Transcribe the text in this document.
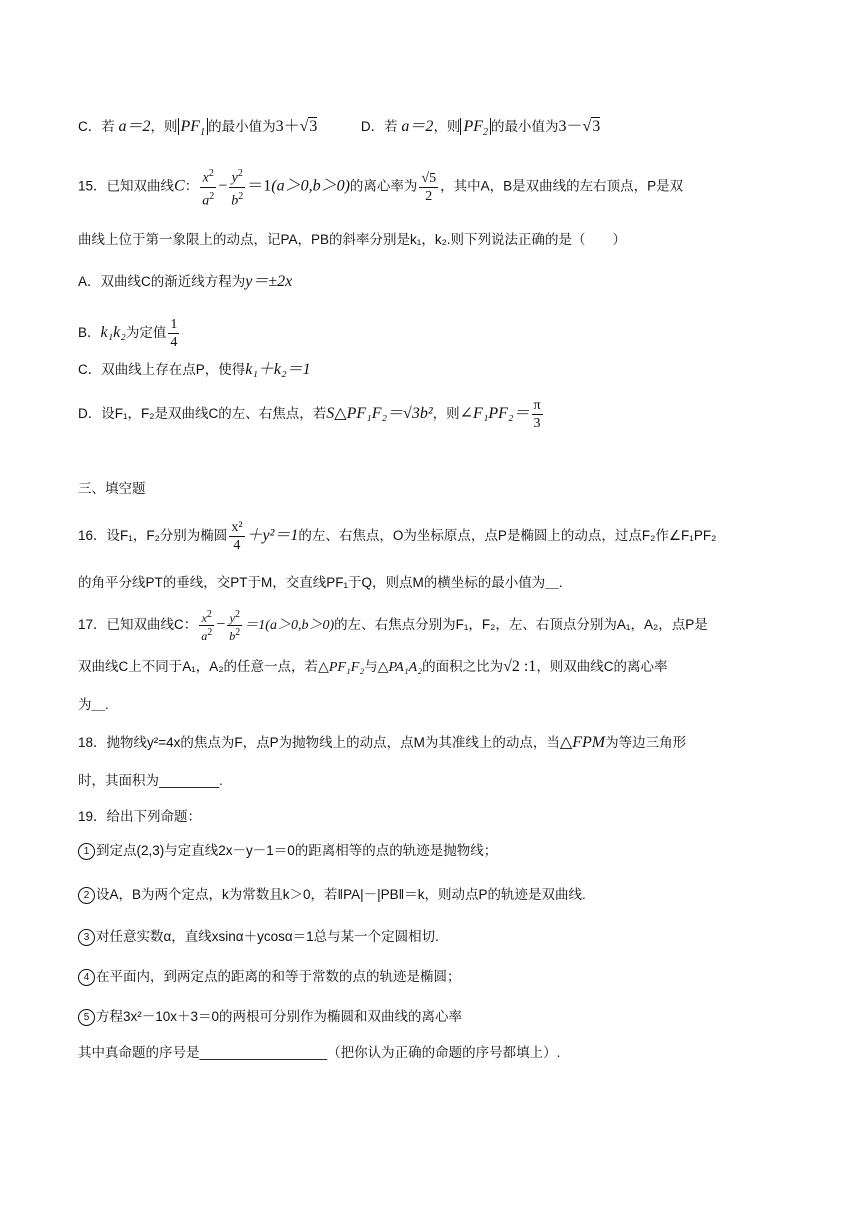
C．若 a＝2，则 $PF_1$ 的最小值为3＋√3	D．若 a＝2，则 $PF_2$ 的最小值为3－√3
15．已知双曲线C： $\frac{x^2}{a^2} - \frac{y^2}{b^2} =1(a>0,b>0)$的离心率为 $\frac{√5}{2}$ ，其中A，B是双曲线的左右顶点，P是双
曲线上位于第一象限上的动点，记PA，PB的斜率分别是k₁，k₂.则下列说法正确的是（　　）
A．双曲线C的渐近线方程为y＝±2x
B．k₁k₂为定值 $\frac{1}{4}$
C．双曲线上存在点P，使得k₁＋k₂＝1
D．设F₁，F₂是双曲线C的左、右焦点，若S△PF₁F₂＝√3b²，则∠F₁PF₂＝ $\frac{\pi}{3}$
三、填空题
16．设F₁，F₂分别为椭圆 $\frac{\text{x²}}{4} +y^2=1$的左、右焦点，O为坐标原点，点P是椭圆上的动点，过点F₂作∠F₁PF₂
的角平分线PT的垂线，交PT于M，交直线PF₁于Q，则点M的横坐标的最小值为＿.
17．已知双曲线C： $\frac{x^2}{a^2} - \frac{y^2}{b^2} =1(a>0,b>0)$的左、右焦点分别为F₁，F₂，左、右顶点分别为A₁，A₂，点P是
双曲线C上不同于A₁，A₂的任意一点，若△PF₁F₂与△PA₁A₂的面积之比为√2 :1，则双曲线C的离心率
为＿.
18．抛物线y²=4x的焦点为F，点P为抛物线上的动点，点M为其准线上的动点，当△FPM为等边三角形
时，其面积为________.
19．给出下列命题：
1 到定点(2,3)与定直线2x－y－1＝0的距离相等的点的轨迹是抛物线；
2 设A，B为两个定点，k为常数且k＞0，若‖PA|－|PB‖＝k，则动点P的轨迹是双曲线.
3 对任意实数α，直线xsinα＋ycosα＝1总与某一个定圆相切.
4 在平面内，到两定点的距离的和等于常数的点的轨迹是椭圆；
5 方程3x²－10x＋3＝0的两根可分别作为椭圆和双曲线的离心率
其中真命题的序号是_________________（把你认为正确的命题的序号都填上）.
